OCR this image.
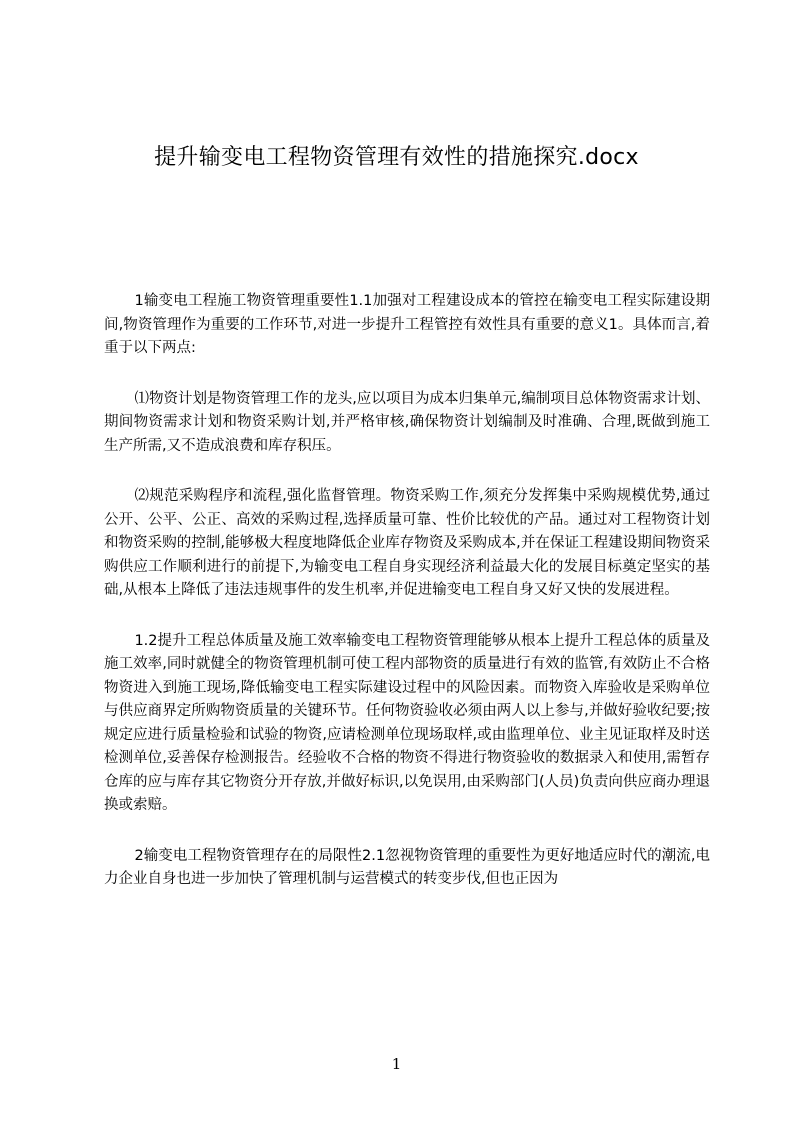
提升输变电工程物资管理有效性的措施探究.docx

1输变电工程施工物资管理重要性1.1加强对工程建设成本的管控在输变电工程实际建设期间,物资管理作为重要的工作环节,对进一步提升工程管控有效性具有重要的意义1。具体而言,着重于以下两点:

⑴物资计划是物资管理工作的龙头,应以项目为成本归集单元,编制项目总体物资需求计划、期间物资需求计划和物资采购计划,并严格审核,确保物资计划编制及时准确、合理,既做到施工生产所需,又不造成浪费和库存积压。

⑵规范采购程序和流程,强化监督管理。物资采购工作,须充分发挥集中采购规模优势,通过公开、公平、公正、高效的采购过程,选择质量可靠、性价比较优的产品。通过对工程物资计划和物资采购的控制,能够极大程度地降低企业库存物资及采购成本,并在保证工程建设期间物资采购供应工作顺利进行的前提下,为输变电工程自身实现经济利益最大化的发展目标奠定坚实的基础,从根本上降低了违法违规事件的发生机率,并促进输变电工程自身又好又快的发展进程。

1.2提升工程总体质量及施工效率输变电工程物资管理能够从根本上提升工程总体的质量及施工效率,同时就健全的物资管理机制可使工程内部物资的质量进行有效的监管,有效防止不合格物资进入到施工现场,降低输变电工程实际建设过程中的风险因素。而物资入库验收是采购单位与供应商界定所购物资质量的关键环节。任何物资验收必须由两人以上参与,并做好验收纪要;按规定应进行质量检验和试验的物资,应请检测单位现场取样,或由监理单位、业主见证取样及时送检测单位,妥善保存检测报告。经验收不合格的物资不得进行物资验收的数据录入和使用,需暂存仓库的应与库存其它物资分开存放,并做好标识,以免误用,由采购部门(人员)负责向供应商办理退换或索赔。

2输变电工程物资管理存在的局限性2.1忽视物资管理的重要性为更好地适应时代的潮流,电力企业自身也进一步加快了管理机制与运营模式的转变步伐,但也正因为

1
